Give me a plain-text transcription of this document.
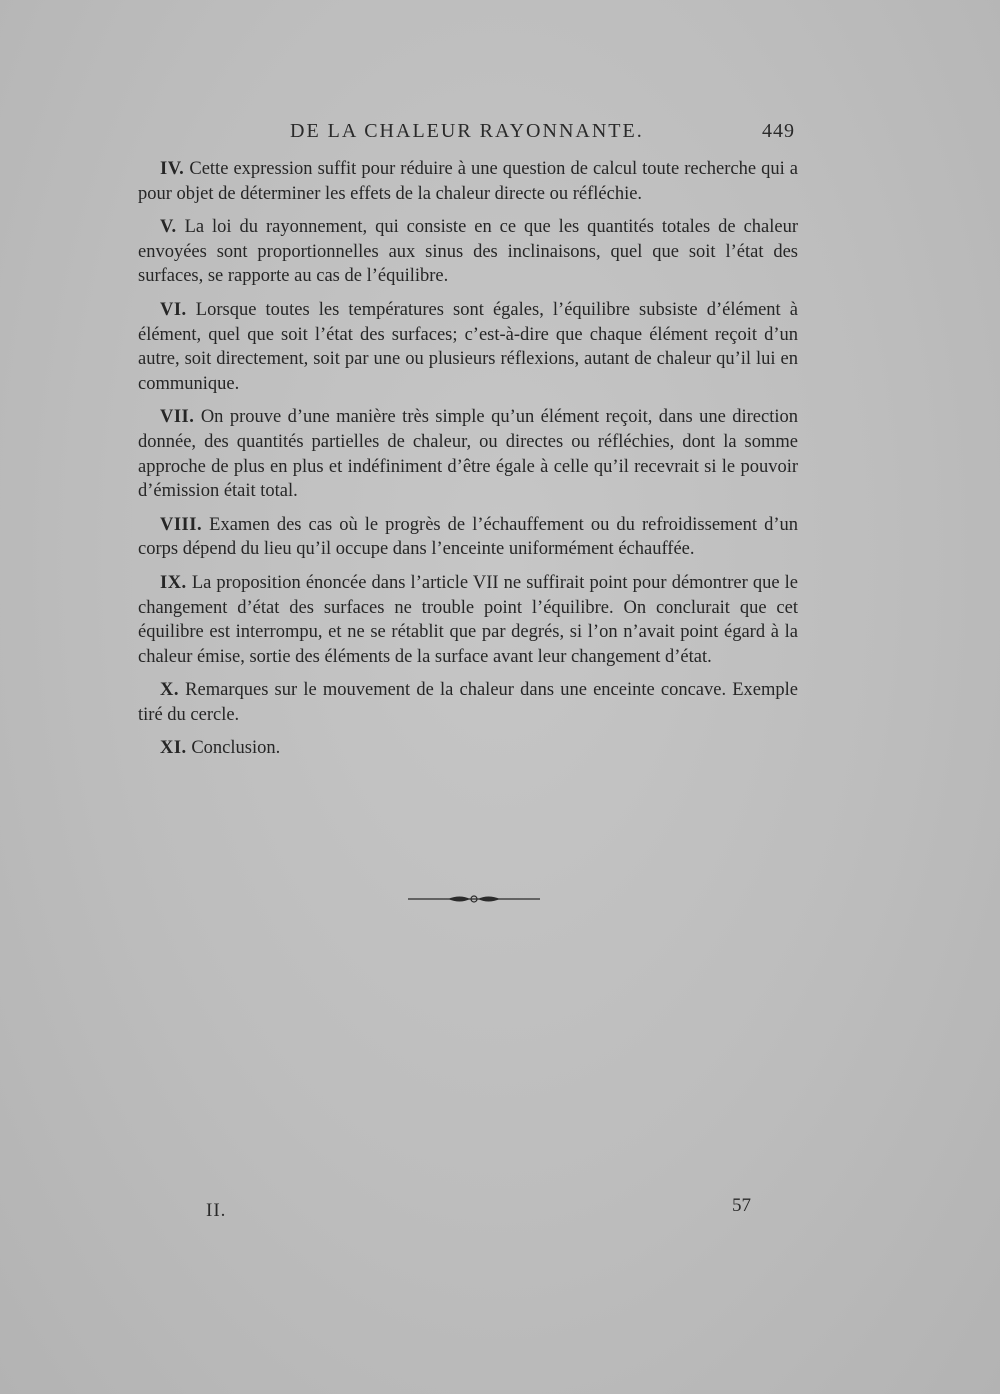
DE LA CHALEUR RAYONNANTE.	449

IV. Cette expression suffit pour réduire à une question de calcul toute recherche qui a pour objet de déterminer les effets de la chaleur directe ou réfléchie.

V. La loi du rayonnement, qui consiste en ce que les quantités totales de chaleur envoyées sont proportionnelles aux sinus des inclinaisons, quel que soit l’état des surfaces, se rapporte au cas de l’équilibre.

VI. Lorsque toutes les températures sont égales, l’équilibre subsiste d’élément à élément, quel que soit l’état des surfaces; c’est-à-dire que chaque élément reçoit d’un autre, soit directement, soit par une ou plusieurs réflexions, autant de chaleur qu’il lui en communique.

VII. On prouve d’une manière très simple qu’un élément reçoit, dans une direction donnée, des quantités partielles de chaleur, ou directes ou réfléchies, dont la somme approche de plus en plus et indéfiniment d’être égale à celle qu’il recevrait si le pouvoir d’émission était total.

VIII. Examen des cas où le progrès de l’échauffement ou du refroidissement d’un corps dépend du lieu qu’il occupe dans l’enceinte uniformément échauffée.

IX. La proposition énoncée dans l’article VII ne suffirait point pour démontrer que le changement d’état des surfaces ne trouble point l’équilibre. On conclurait que cet équilibre est interrompu, et ne se rétablit que par degrés, si l’on n’avait point égard à la chaleur émise, sortie des éléments de la surface avant leur changement d’état.

X. Remarques sur le mouvement de la chaleur dans une enceinte concave. Exemple tiré du cercle.

XI. Conclusion.

II.	57
